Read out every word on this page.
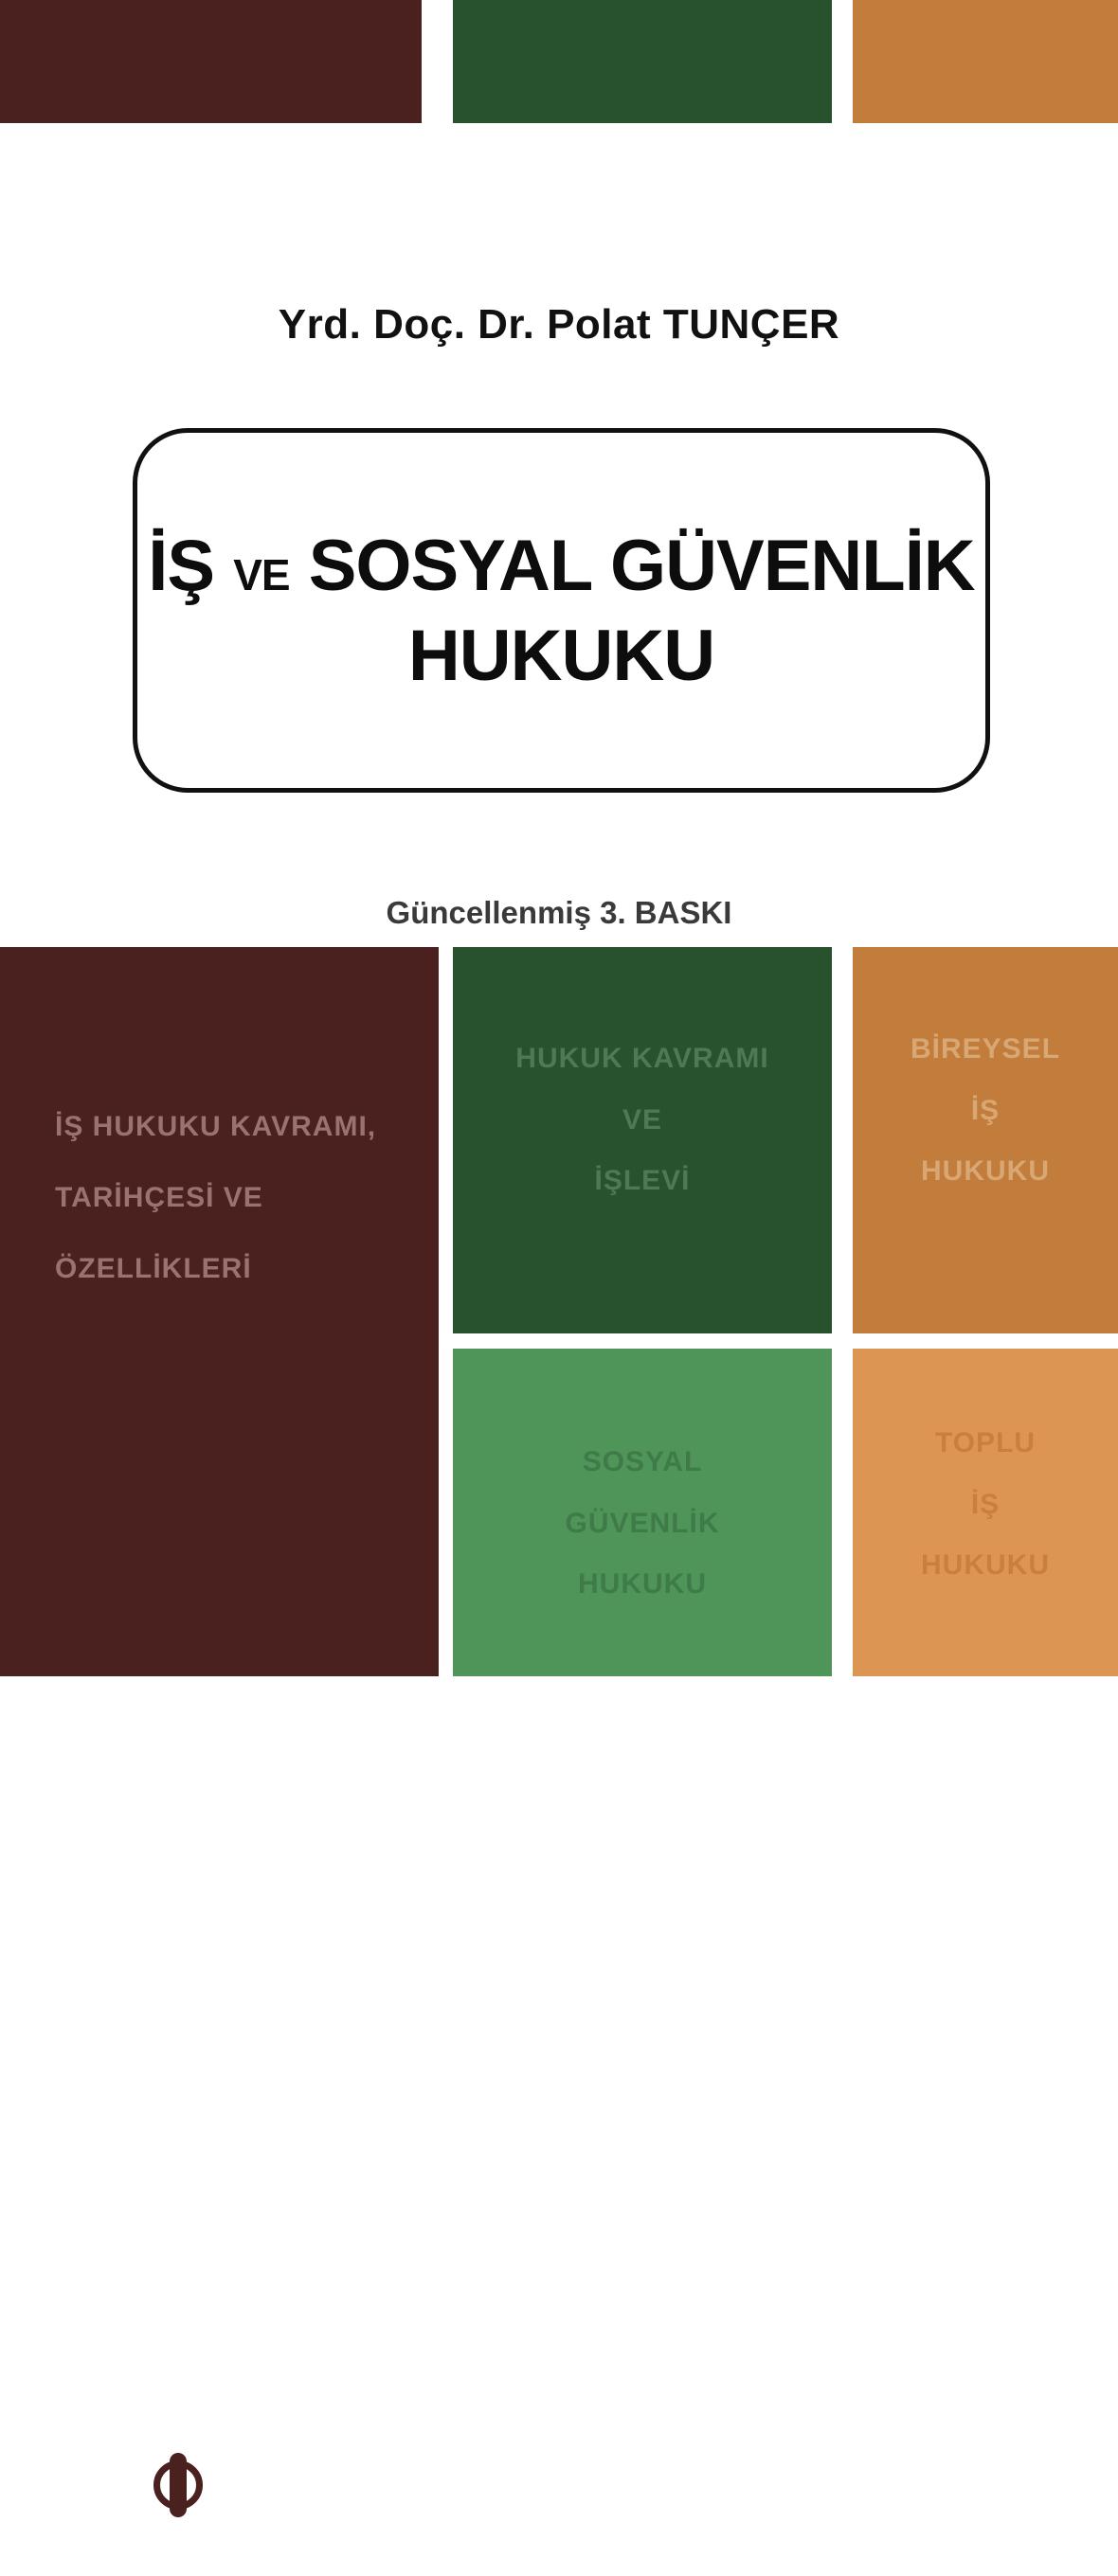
Yrd. Doç. Dr. Polat TUNÇER
İŞ VE SOSYAL GÜVENLİK
HUKUKU
Güncellenmiş 3. BASKI
İŞ HUKUKU KAVRAMI,
TARİHÇESİ VE
ÖZELLİKLERİ
ekin
HUKUK KAVRAMI
VE
İŞLEVİ
BİREYSEL
İŞ
HUKUKU
SOSYAL
GÜVENLİK
HUKUKU
TOPLU
İŞ
HUKUKU
